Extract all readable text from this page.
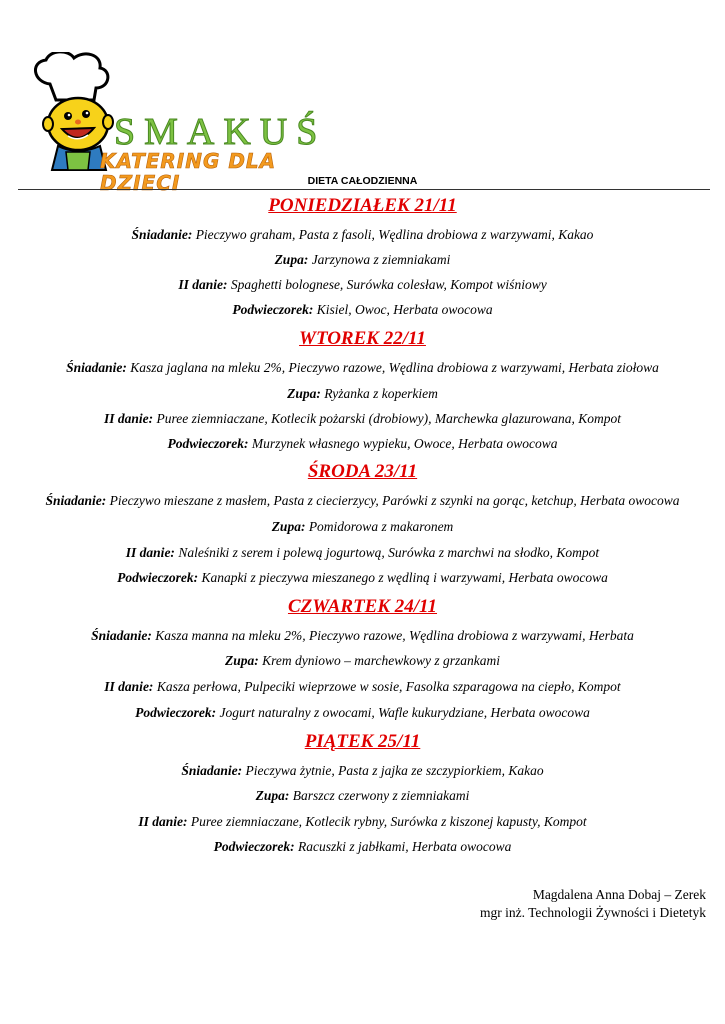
SMAKUŚ
KATERING DLA DZIECI	DIETA CAŁODZIENNA
PONIEDZIAŁEK 21/11
Śniadanie: Pieczywo graham, Pasta z fasoli, Wędlina drobiowa z warzywami, Kakao
Zupa: Jarzynowa z ziemniakami
II danie: Spaghetti bolognese, Surówka colesław, Kompot wiśniowy
Podwieczorek: Kisiel, Owoc, Herbata owocowa
WTOREK 22/11
Śniadanie: Kasza jaglana na mleku 2%, Pieczywo razowe, Wędlina drobiowa z warzywami, Herbata ziołowa
Zupa: Ryżanka z koperkiem
II danie: Puree ziemniaczane, Kotlecik pożarski (drobiowy), Marchewka glazurowana, Kompot
Podwieczorek: Murzynek własnego wypieku, Owoce, Herbata owocowa
ŚRODA 23/11
Śniadanie: Pieczywo mieszane z masłem, Pasta z ciecierzycy, Parówki z szynki na gorąc, ketchup, Herbata owocowa
Zupa: Pomidorowa z makaronem
II danie: Naleśniki z serem i polewą jogurtową, Surówka z marchwi na słodko, Kompot
Podwieczorek: Kanapki z pieczywa mieszanego z wędliną i warzywami, Herbata owocowa
CZWARTEK 24/11
Śniadanie: Kasza manna na mleku 2%, Pieczywo razowe, Wędlina drobiowa z warzywami, Herbata
Zupa: Krem dyniowo – marchewkowy z grzankami
II danie: Kasza perłowa, Pulpeciki wieprzowe w sosie, Fasolka szparagowa na ciepło, Kompot
Podwieczorek: Jogurt naturalny z owocami, Wafle kukurydziane, Herbata owocowa
PIĄTEK 25/11
Śniadanie: Pieczywa żytnie, Pasta z jajka ze szczypiorkiem, Kakao
Zupa: Barszcz czerwony z ziemniakami
II danie: Puree ziemniaczane, Kotlecik rybny, Surówka z kiszonej kapusty, Kompot
Podwieczorek: Racuszki z jabłkami, Herbata owocowa
Magdalena Anna Dobaj – Zerek
mgr inż. Technologii Żywności i Dietetyk
